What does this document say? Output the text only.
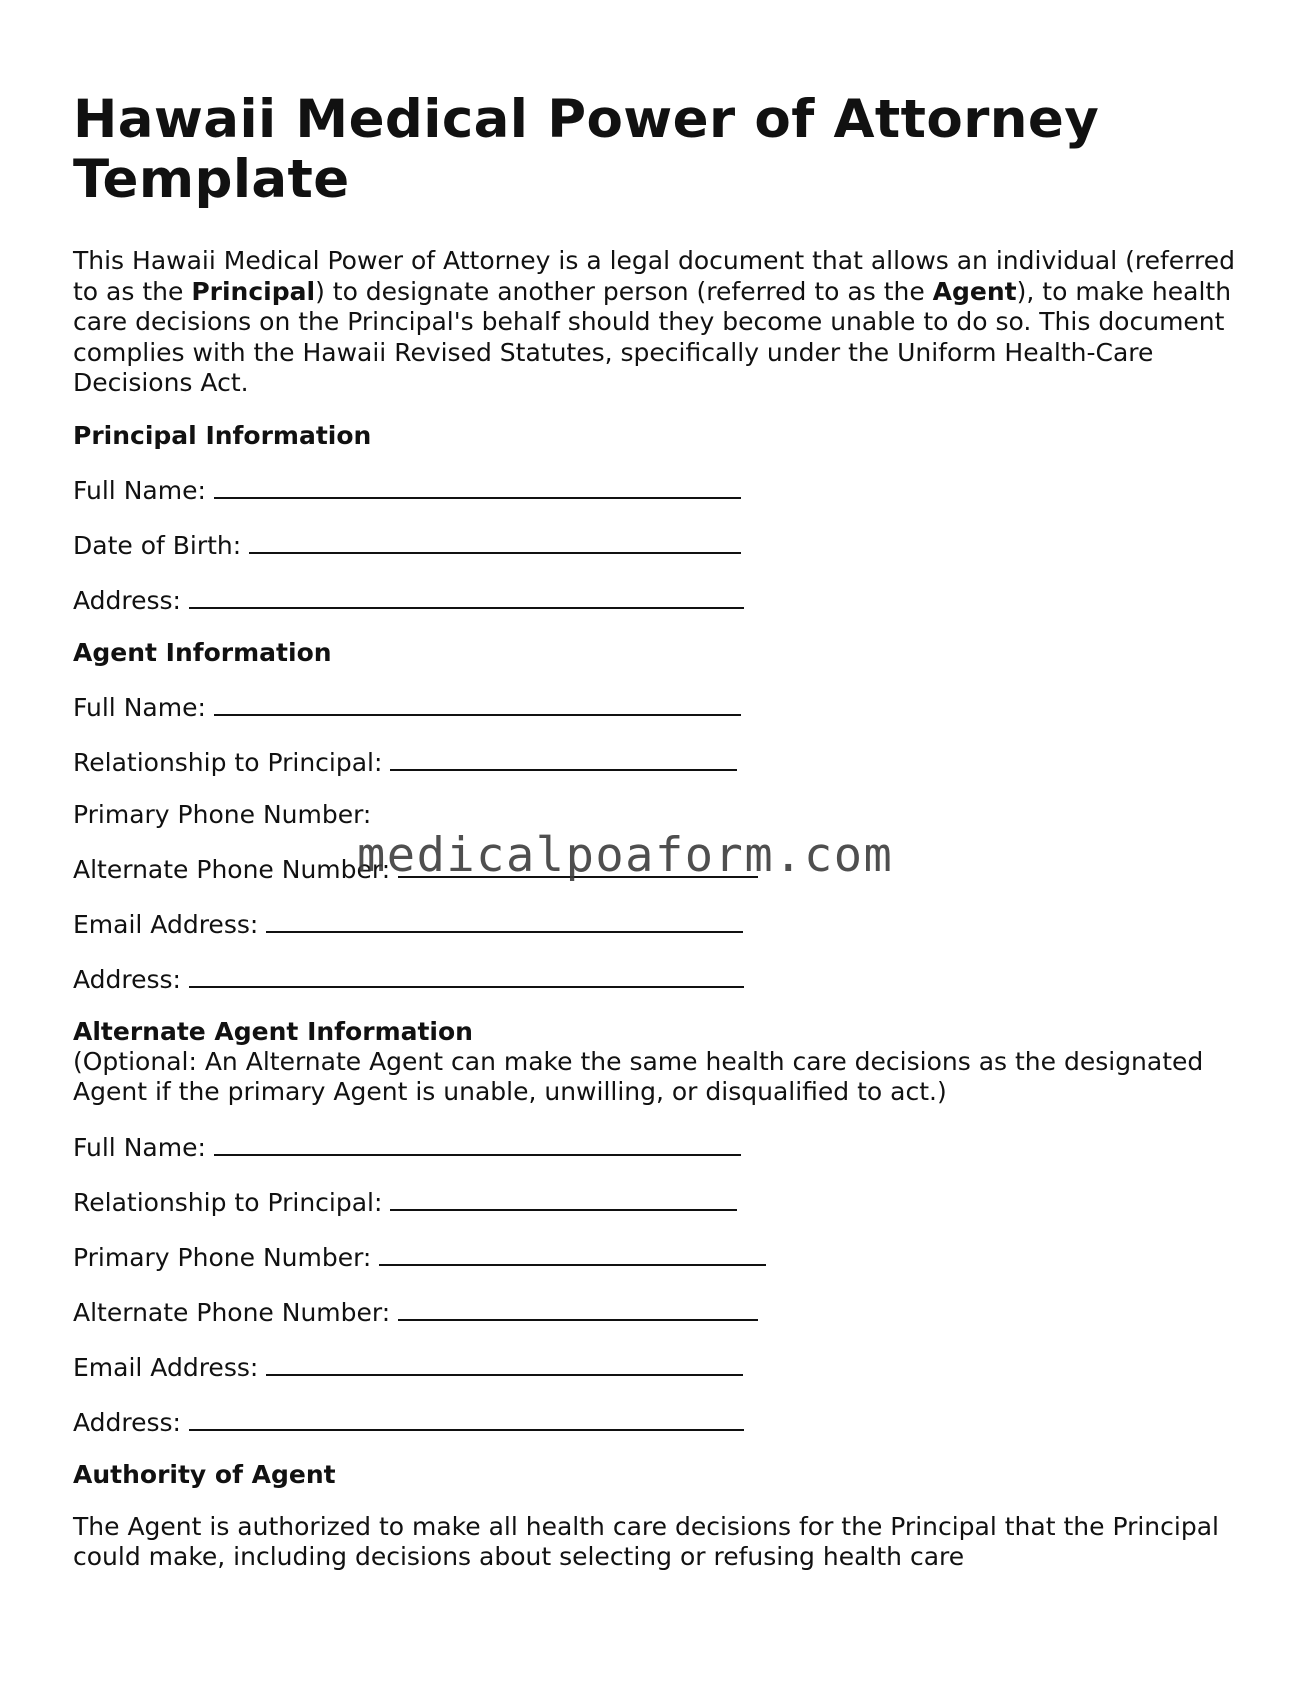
Hawaii Medical Power of Attorney
Template

This Hawaii Medical Power of Attorney is a legal document that allows an individual (referred to as the Principal) to designate another person (referred to as the Agent), to make health care decisions on the Principal's behalf should they become unable to do so. This document complies with the Hawaii Revised Statutes, specifically under the Uniform Health-Care Decisions Act.

Principal Information

Full Name:

Date of Birth:

Address:

Agent Information

Full Name:

Relationship to Principal:

Primary Phone Number:

Alternate Phone Number:

Email Address:

Address:

Alternate Agent Information

(Optional: An Alternate Agent can make the same health care decisions as the designated Agent if the primary Agent is unable, unwilling, or disqualified to act.)

Full Name:

Relationship to Principal:

Primary Phone Number:

Alternate Phone Number:

Email Address:

Address:

Authority of Agent

The Agent is authorized to make all health care decisions for the Principal that the Principal could make, including decisions about selecting or refusing health care

medicalpoaform.com
